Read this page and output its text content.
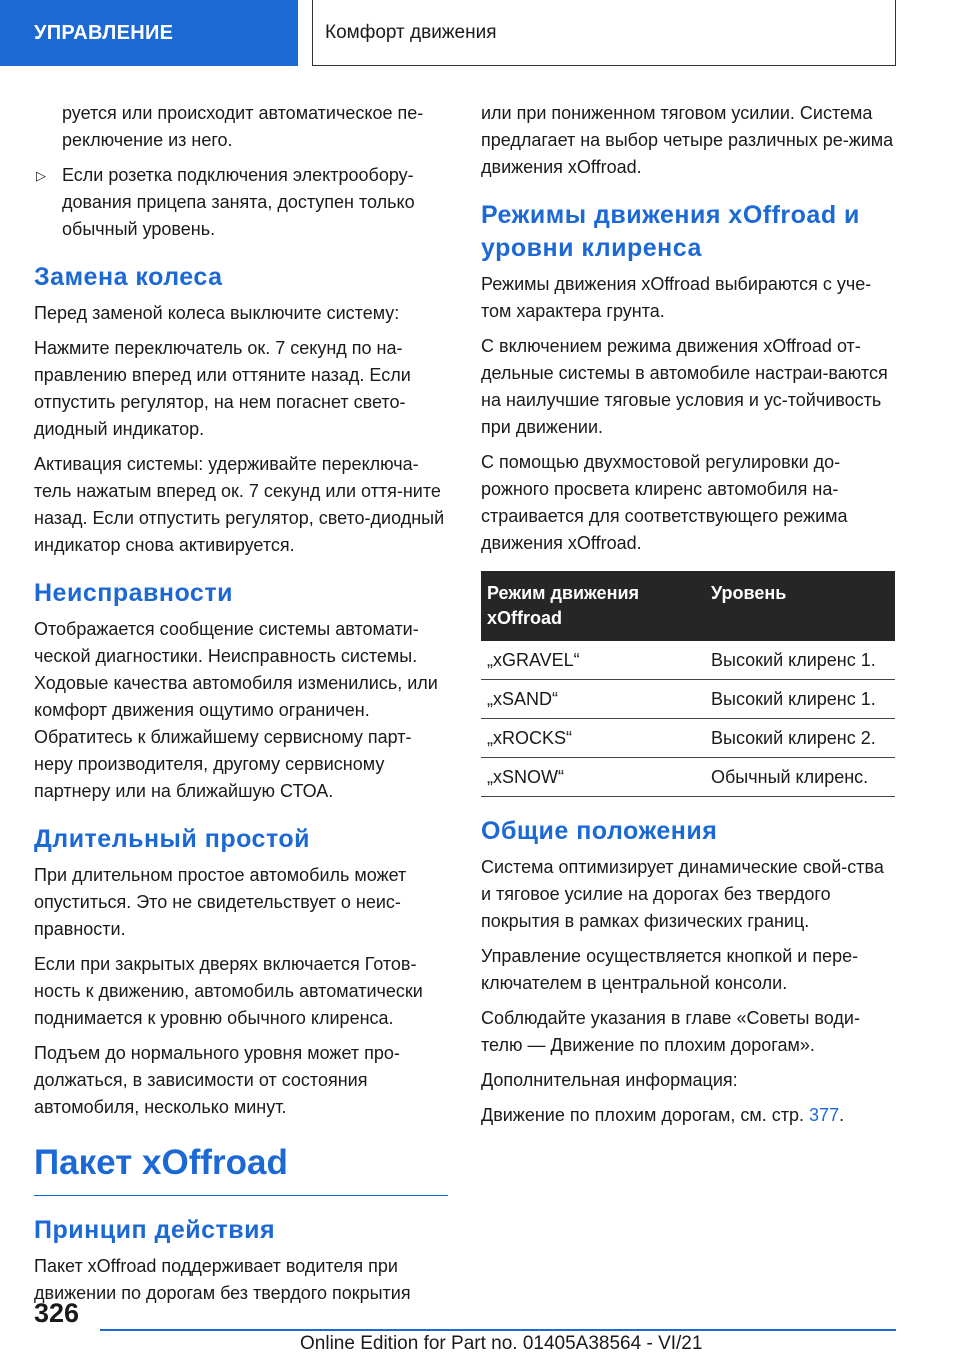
УПРАВЛЕНИЕ	Комфорт движения

руется или происходит автоматическое пе-реключение из него.

▷ Если розетка подключения электрообору-дования прицепа занята, доступен только обычный уровень.
Замена колеса

Перед заменой колеса выключите систему:

Нажмите переключатель ок. 7 секунд по на-правлению вперед или оттяните назад. Если отпустить регулятор, на нем погаснет свето-диодный индикатор.

Активация системы: удерживайте переключа-тель нажатым вперед ок. 7 секунд или оття-ните назад. Если отпустить регулятор, свето-диодный индикатор снова активируется.

Неисправности

Отображается сообщение системы автомати-ческой диагностики. Неисправность системы. Ходовые качества автомобиля изменились, или комфорт движения ощутимо ограничен. Обратитесь к ближайшему сервисному парт-неру производителя, другому сервисному партнеру или на ближайшую СТОА.

Длительный простой

При длительном простое автомобиль может опуститься. Это не свидетельствует о неис-правности.

Если при закрытых дверях включается Готов-ность к движению, автомобиль автоматически поднимается к уровню обычного клиренса.

Подъем до нормального уровня может про-должаться, в зависимости от состояния автомобиля, несколько минут.

Пакет xOffroad
Принцип действия

Пакет xOffroad поддерживает водителя при движении по дорогам без твердого покрытия

или при пониженном тяговом усилии. Система предлагает на выбор четыре различных ре-жима движения xOffroad.

Режимы движения xOffroad и уровни клиренса

Режимы движения xOffroad выбираются с уче-том характера грунта.

С включением режима движения xOffroad от-дельные системы в автомобиле настраи-ваются на наилучшие тяговые условия и ус-тойчивость при движении.

С помощью двухмостовой регулировки до-рожного просвета клиренс автомобиля на-страивается для соответствующего режима движения xOffroad.

Режим движения xOffroad	Уровень
„xGRAVEL“	Высокий клиренс 1.
„xSAND“	Высокий клиренс 1.
„xROCKS“	Высокий клиренс 2.
„xSNOW“	Обычный клиренс.
Общие положения

Система оптимизирует динамические свой-ства и тяговое усилие на дорогах без твердого покрытия в рамках физических границ.

Управление осуществляется кнопкой и пере-ключателем в центральной консоли.

Соблюдайте указания в главе «Советы води-телю — Движение по плохим дорогам».

Дополнительная информация:

Движение по плохим дорогам, см. стр. 377.

326
Online Edition for Part no. 01405A38564 - VI/21
